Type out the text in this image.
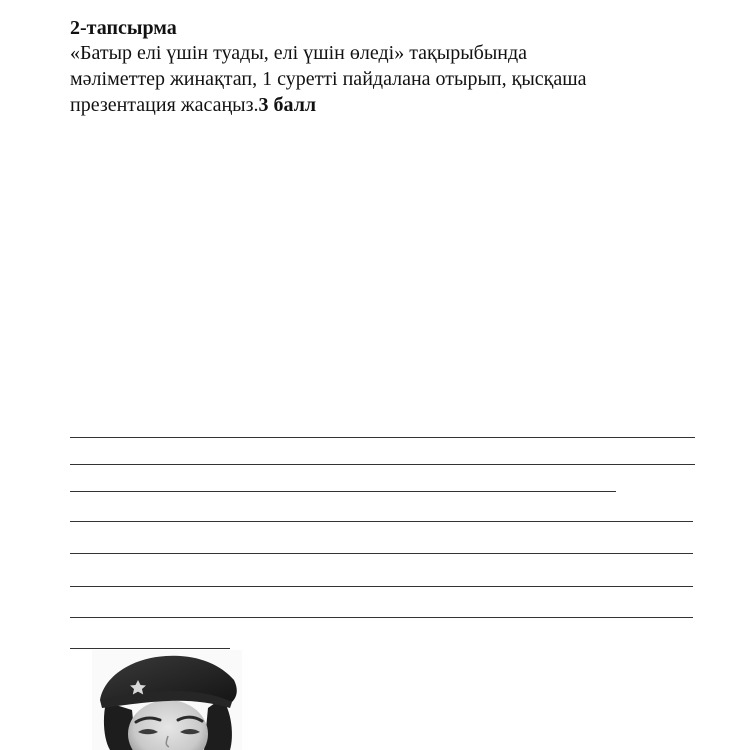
2-тапсырма

«Батыр елі үшін туады, елі үшін өледі» тақырыбында

мәліметтер жинақтап, 1 суретті пайдалана отырып, қысқаша

презентация жасаңыз.3 балл
